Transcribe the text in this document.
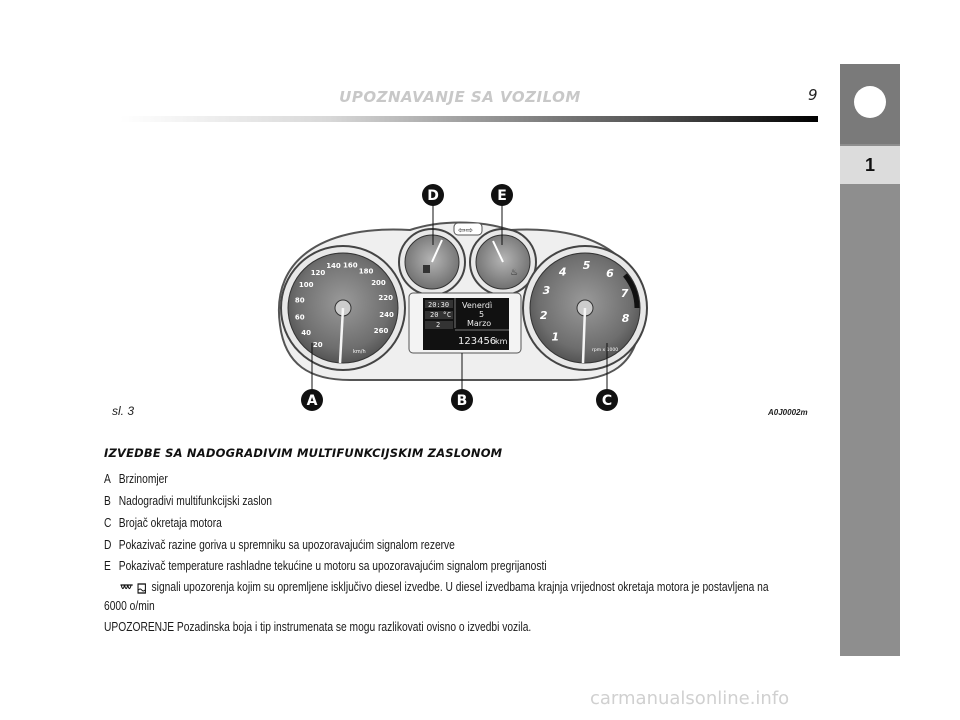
UPOZNAVANJE SA VOZILOM	9
1
20
40
60
80
100
120
140 160
180
200
220
240
260
km/h
♨
⇦⇨
20:30
20 °C
2
Venerdì
5
Marzo
123456
km	1
2
3
4 5
6
7
8
rpm x 1000
D	E
A	B	C
sl. 3	A0J0002m
IZVEDBE SA NADOGRADIVIM MULTIFUNKCIJSKIM ZASLONOM
A Brzinomjer
B Nadogradivi multifunkcijski zaslon
C Brojač okretaja motora
D Pokazivač razine goriva u spremniku sa upozoravajućim signalom rezerve
E Pokazivač temperature rashladne tekućine u motoru sa upozoravajućim signalom pregrijanosti
signali upozorenja kojim su opremljene isključivo diesel izvedbe. U diesel izvedbama krajnja vrijednost okretaja motora je postavljena na
6000 o/min
UPOZORENJE Pozadinska boja i tip instrumenata se mogu razlikovati ovisno o izvedbi vozila.
carmanualsonline.info
